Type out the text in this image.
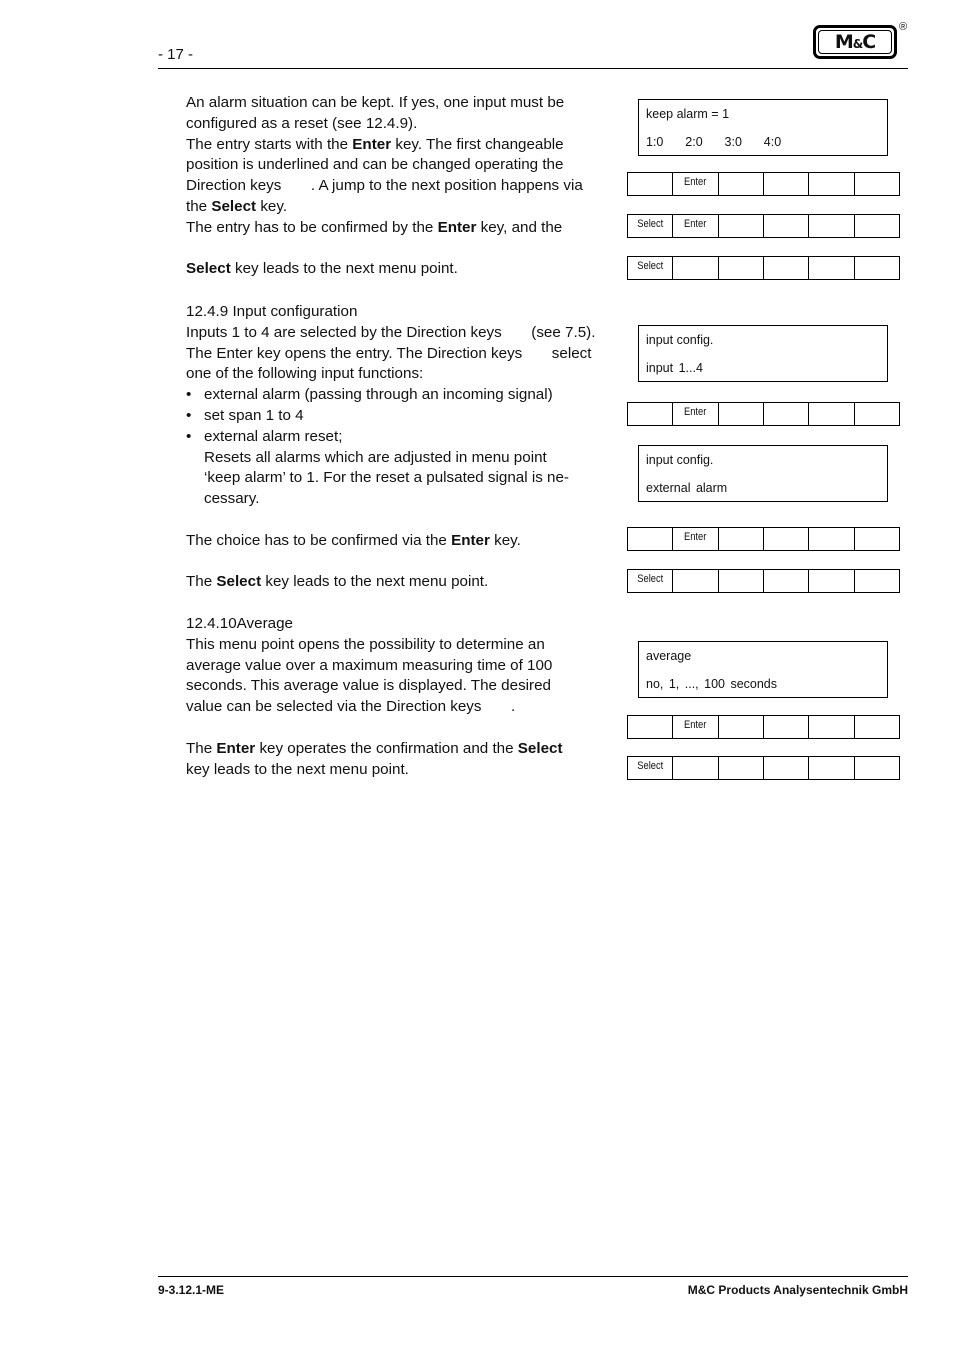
- 17 -
M & C
®

An alarm situation can be kept. If yes, one input must be

configured as a reset (see 12.4.9).

The entry starts with the Enter key. The first changeable

position is underlined and can be changed operating the

Direction keys       . A jump to the next position happens via

the Select key.

The entry has to be confirmed by the Enter key, and the

Select key leads to the next menu point.

12.4.9 Input configuration

Inputs 1 to 4 are selected by the Direction keys       (see 7.5).

The Enter key opens the entry. The Direction keys       select

one of the following input functions:

• external alarm (passing through an incoming signal)

• set span 1 to 4

• external alarm reset;

Resets all alarms which are adjusted in menu point

‘keep alarm’ to 1. For the reset a pulsated signal is ne-

cessary.

The choice has to be confirmed via the Enter key.

The Select key leads to the next menu point.

12.4.10Average

This menu point opens the possibility to determine an

average value over a maximum measuring time of 100

seconds. This average value is displayed. The desired

value can be selected via the Direction keys       .

The Enter key operates the confirmation and the Select

key leads to the next menu point.

keep alarm = 1
1:0    2:0    3:0    4:0
Enter
Select	Enter
Select
input config.
input 1...4
Enter
input config.
external alarm
Enter
Select
average
no, 1, ..., 100 seconds
Enter
Select
9-3.12.1-ME	M&C Products Analysentechnik GmbH
